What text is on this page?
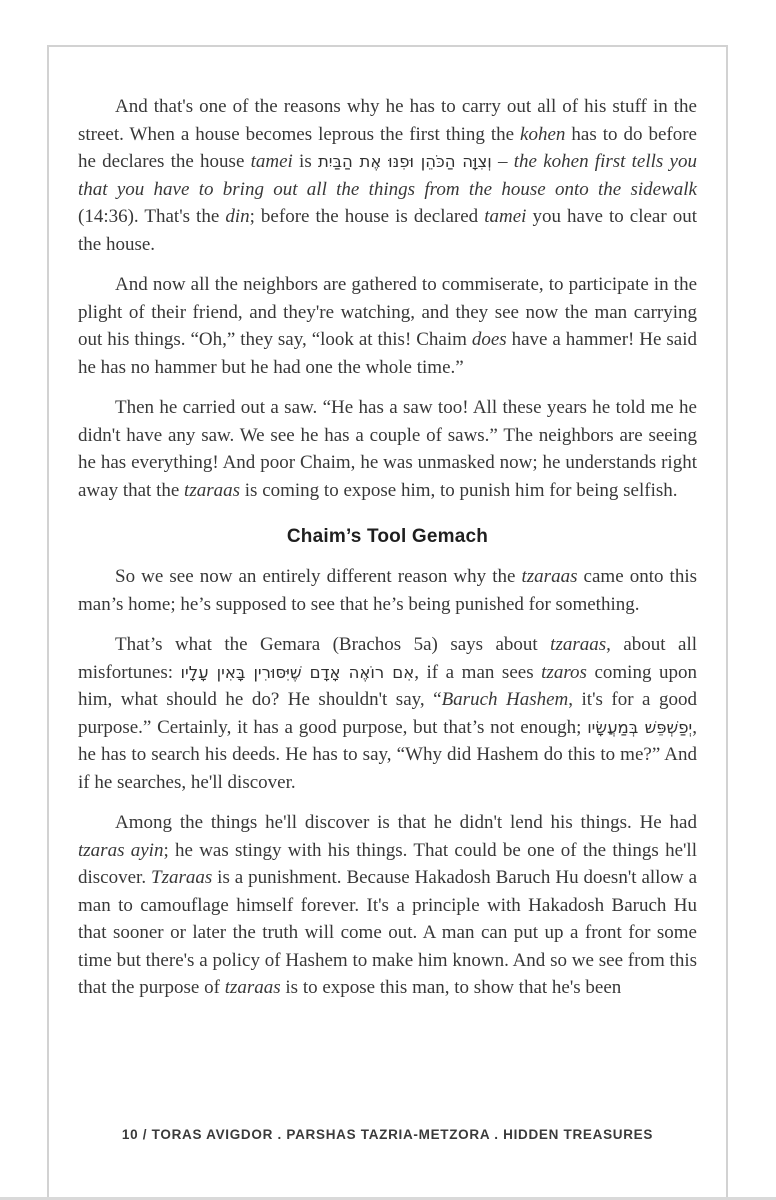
And that's one of the reasons why he has to carry out all of his stuff in the street. When a house becomes leprous the first thing the kohen has to do before he declares the house tamei is וְצִוָּה הַכֹּהֵן וּפִנּוּ אֶת הַבַּיִת – the kohen first tells you that you have to bring out all the things from the house onto the sidewalk (14:36). That's the din; before the house is declared tamei you have to clear out the house.

And now all the neighbors are gathered to commiserate, to participate in the plight of their friend, and they're watching, and they see now the man carrying out his things. “Oh,” they say, “look at this! Chaim does have a hammer! He said he has no hammer but he had one the whole time.”

Then he carried out a saw. “He has a saw too! All these years he told me he didn't have any saw. We see he has a couple of saws.” The neighbors are seeing he has everything! And poor Chaim, he was unmasked now; he understands right away that the tzaraas is coming to expose him, to punish him for being selfish.

Chaim’s Tool Gemach

So we see now an entirely different reason why the tzaraas came onto this man’s home; he’s supposed to see that he’s being punished for something.

That’s what the Gemara (Brachos 5a) says about tzaraas, about all misfortunes: אִם רוֹאֶה אָדָם שֶׁיִּסּוּרִין בָּאִין עָלָיו, if a man sees tzaros coming upon him, what should he do? He shouldn't say, “Baruch Hashem, it's for a good purpose.” Certainly, it has a good purpose, but that’s not enough; יְפַשְׁפֵּשׁ בְּמַעֲשָׂיו, he has to search his deeds. He has to say, “Why did Hashem do this to me?” And if he searches, he'll discover.

Among the things he'll discover is that he didn't lend his things. He had tzaras ayin; he was stingy with his things. That could be one of the things he'll discover. Tzaraas is a punishment. Because Hakadosh Baruch Hu doesn't allow a man to camouflage himself forever. It's a principle with Hakadosh Baruch Hu that sooner or later the truth will come out. A man can put up a front for some time but there's a policy of Hashem to make him known. And so we see from this that the purpose of tzaraas is to expose this man, to show that he's been

10 / TORAS AVIGDOR . PARSHAS TAZRIA-METZORA . HIDDEN TREASURES
